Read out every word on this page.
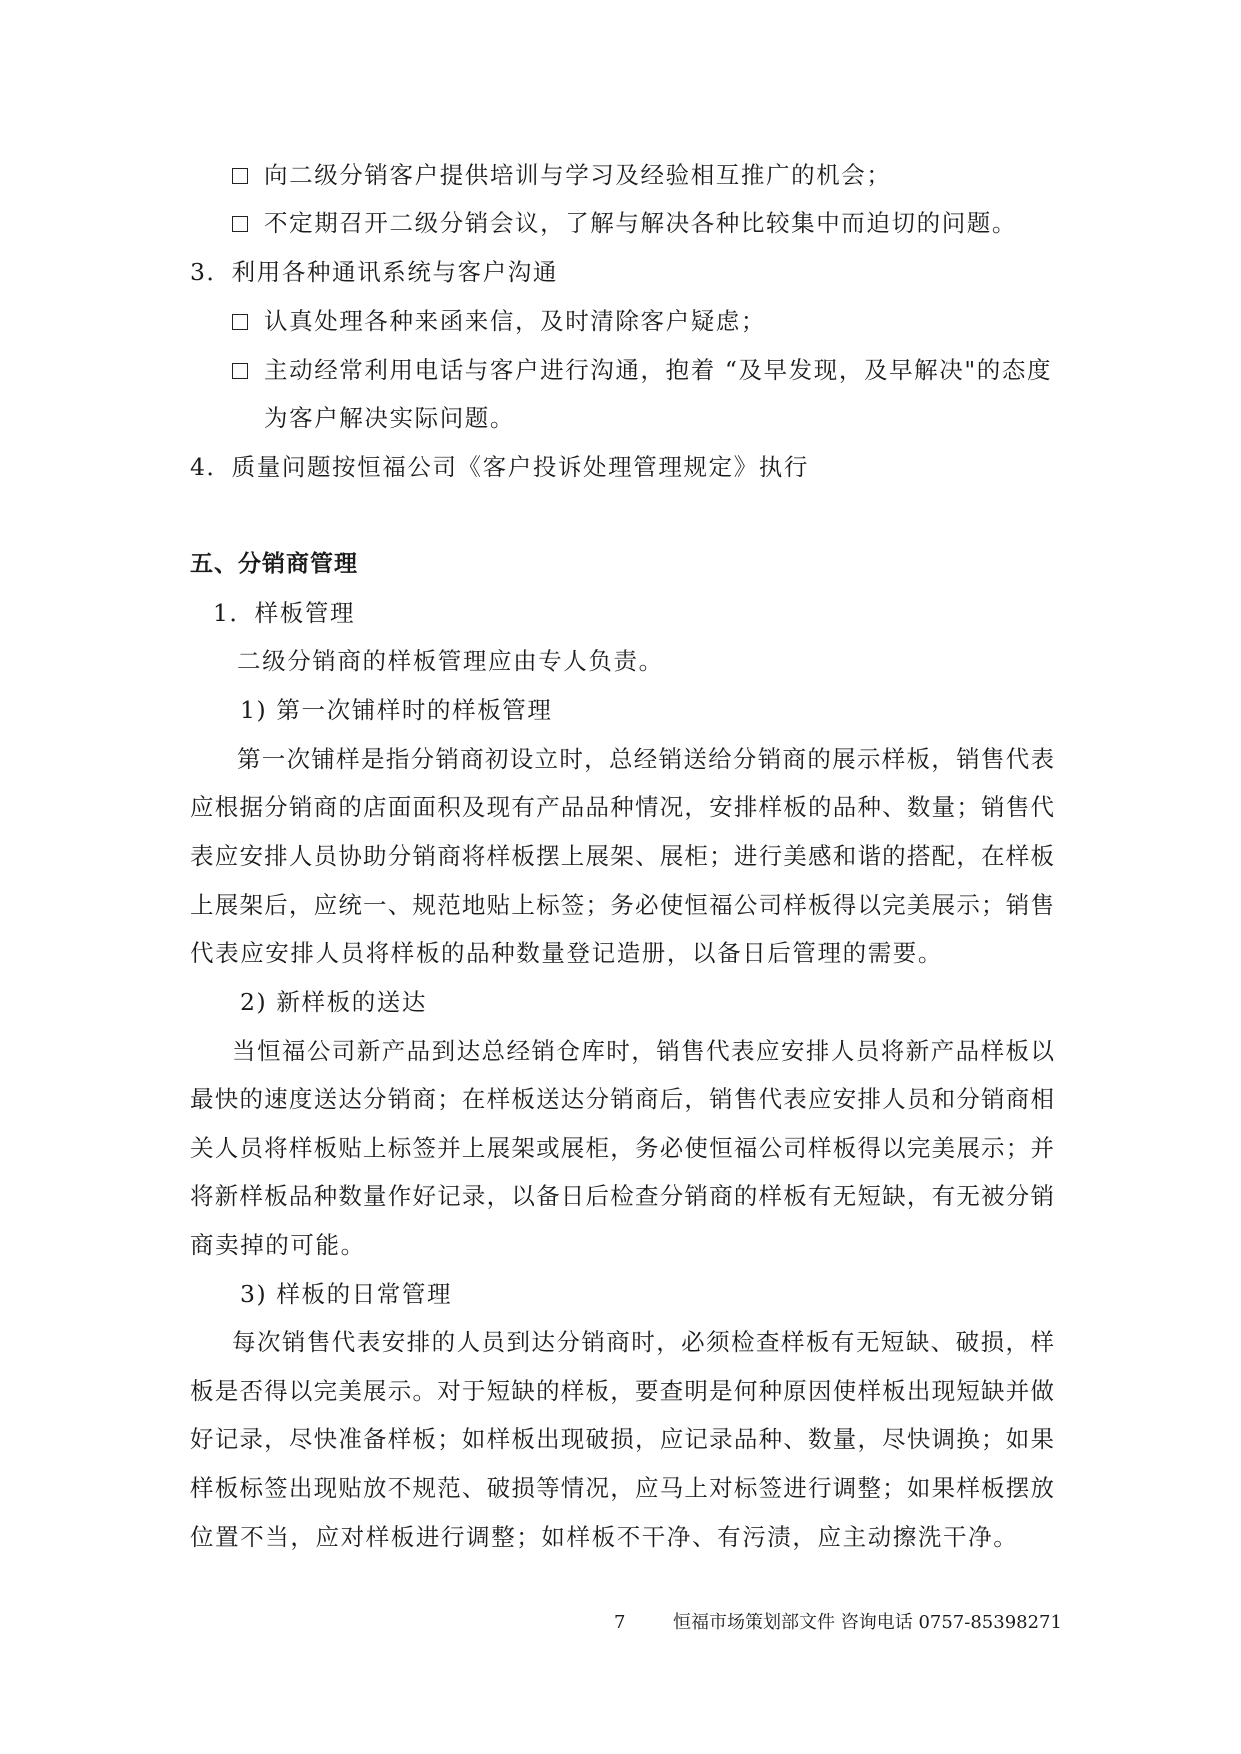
向二级分销客户提供培训与学习及经验相互推广的机会；

不定期召开二级分销会议，了解与解决各种比较集中而迫切的问题。

3．利用各种通讯系统与客户沟通

认真处理各种来函来信，及时清除客户疑虑；

主动经常利用电话与客户进行沟通，抱着 “及早发现，及早解决"的态度

为客户解决实际问题。

4．质量问题按恒福公司《客户投诉处理管理规定》执行

五、分销商管理

1．样板管理

二级分销商的样板管理应由专人负责。

1) 第一次铺样时的样板管理

第一次铺样是指分销商初设立时，总经销送给分销商的展示样板，销售代表

应根据分销商的店面面积及现有产品品种情况，安排样板的品种、数量；销售代

表应安排人员协助分销商将样板摆上展架、展柜；进行美感和谐的搭配，在样板

上展架后，应统一、规范地贴上标签；务必使恒福公司样板得以完美展示；销售

代表应安排人员将样板的品种数量登记造册，以备日后管理的需要。

2) 新样板的送达

当恒福公司新产品到达总经销仓库时，销售代表应安排人员将新产品样板以

最快的速度送达分销商；在样板送达分销商后，销售代表应安排人员和分销商相

关人员将样板贴上标签并上展架或展柜，务必使恒福公司样板得以完美展示；并

将新样板品种数量作好记录，以备日后检查分销商的样板有无短缺，有无被分销

商卖掉的可能。

3) 样板的日常管理

每次销售代表安排的人员到达分销商时，必须检查样板有无短缺、破损，样

板是否得以完美展示。对于短缺的样板，要查明是何种原因使样板出现短缺并做

好记录，尽快准备样板；如样板出现破损，应记录品种、数量，尽快调换；如果

样板标签出现贴放不规范、破损等情况，应马上对标签进行调整；如果样板摆放

位置不当，应对样板进行调整；如样板不干净、有污渍，应主动擦洗干净。

7	恒福市场策划部文件 咨询电话 0757-85398271
